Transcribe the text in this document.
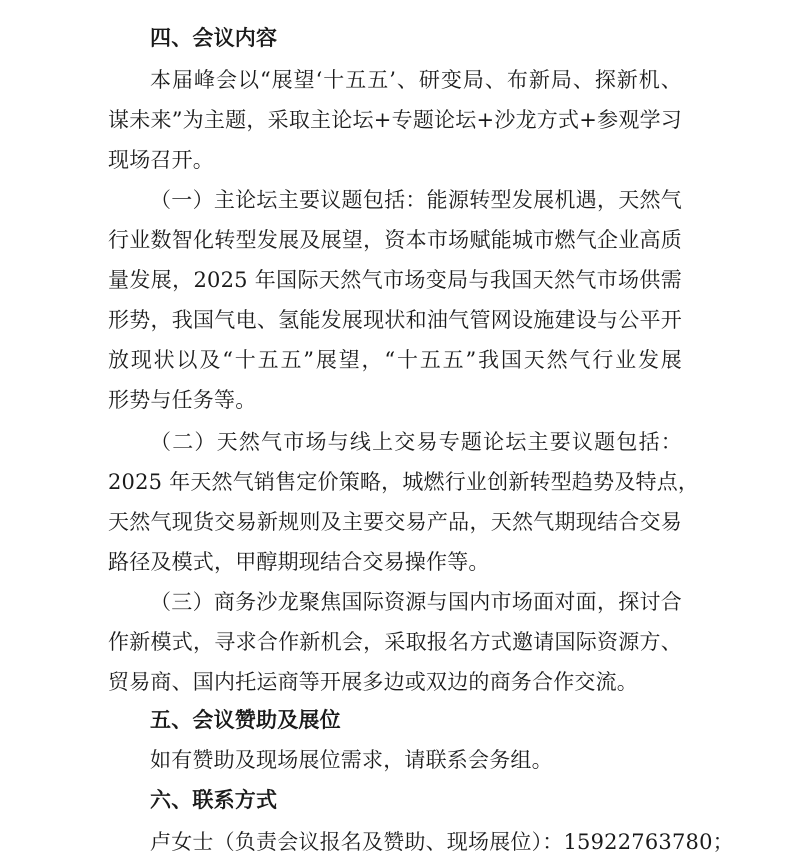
四、会议内容
本届峰会以“展望‘十五五’、研变局、布新局、探新机、
谋未来”为主题，采取主论坛+专题论坛+沙龙方式+参观学习
现场召开。
（一）主论坛主要议题包括：能源转型发展机遇，天然气
行业数智化转型发展及展望，资本市场赋能城市燃气企业高质
量发展，2025 年国际天然气市场变局与我国天然气市场供需
形势，我国气电、氢能发展现状和油气管网设施建设与公平开
放现状以及“十五五”展望，“十五五”我国天然气行业发展
形势与任务等。
（二）天然气市场与线上交易专题论坛主要议题包括：
2025 年天然气销售定价策略，城燃行业创新转型趋势及特点，
天然气现货交易新规则及主要交易产品，天然气期现结合交易
路径及模式，甲醇期现结合交易操作等。
（三）商务沙龙聚焦国际资源与国内市场面对面，探讨合
作新模式，寻求合作新机会，采取报名方式邀请国际资源方、
贸易商、国内托运商等开展多边或双边的商务合作交流。
五、会议赞助及展位
如有赞助及现场展位需求，请联系会务组。
六、联系方式
卢女士（负责会议报名及赞助、现场展位）：15922763780；
